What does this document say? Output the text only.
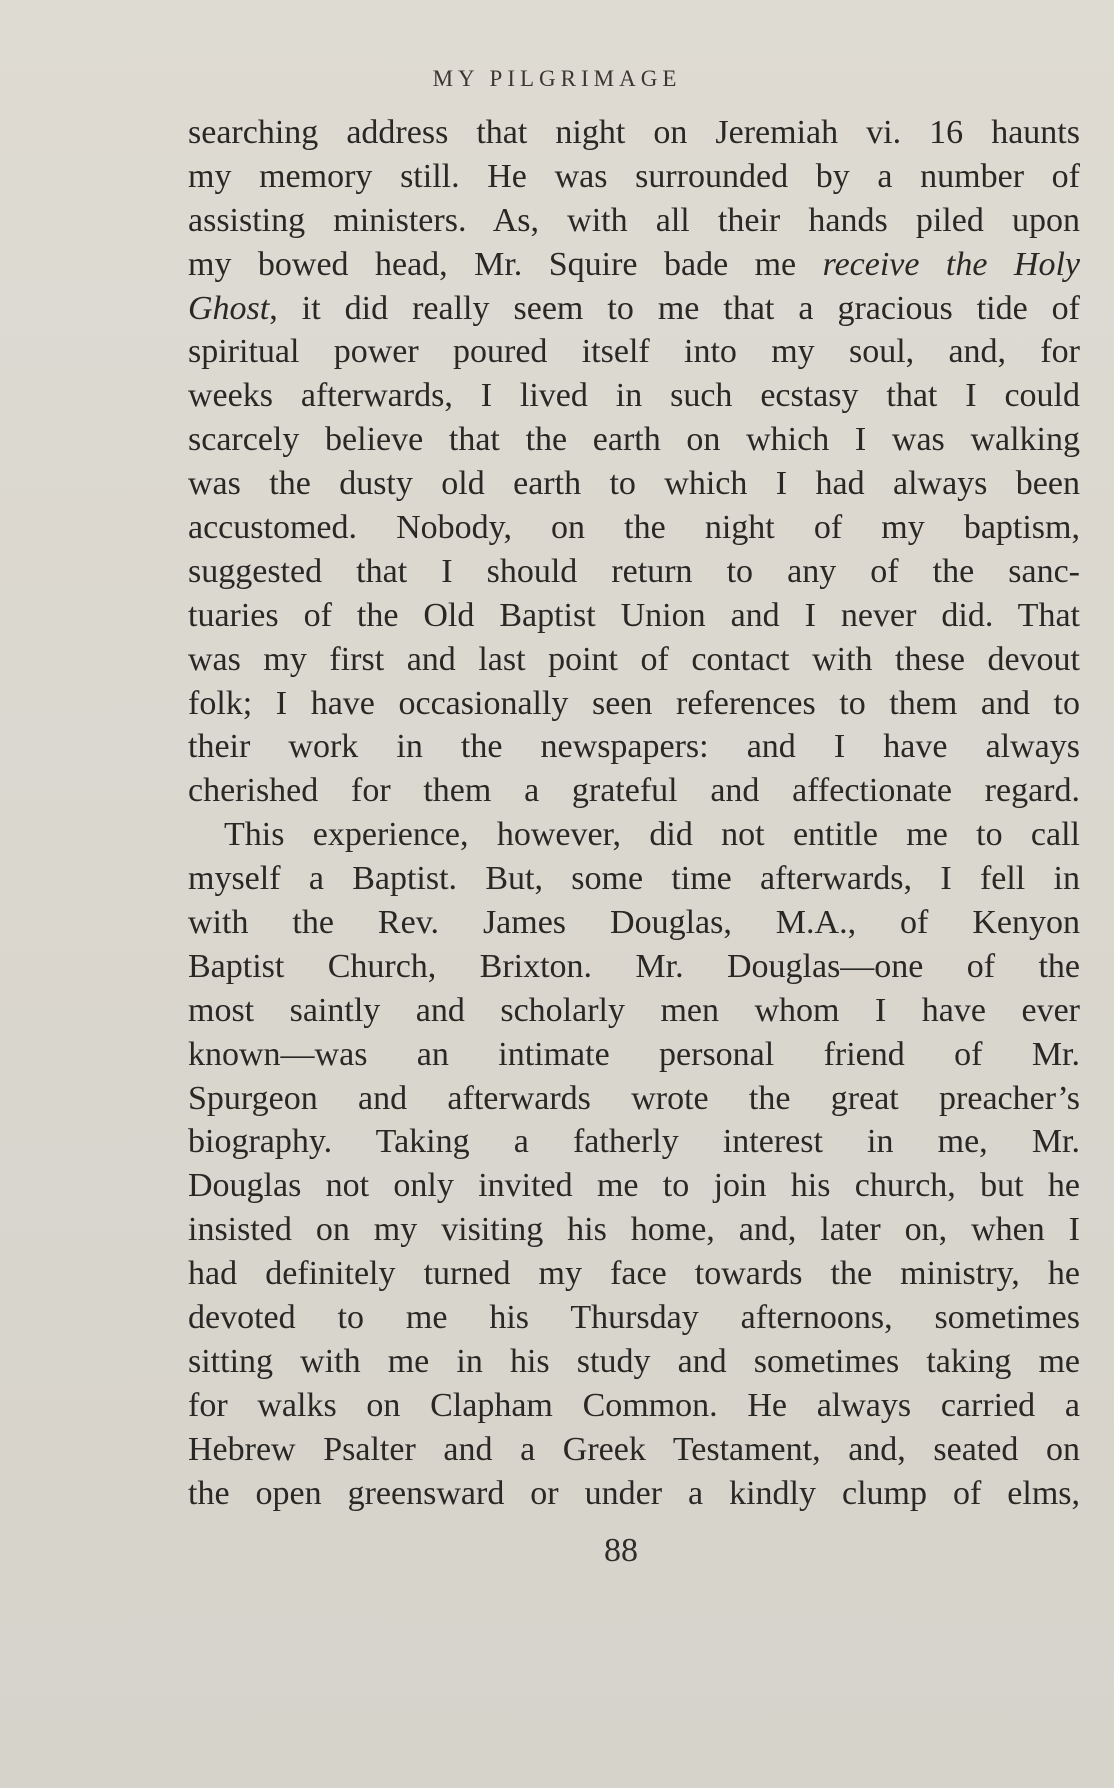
MY PILGRIMAGE
searching address that night on Jeremiah vi. 16 haunts
my memory still. He was surrounded by a number of
assisting ministers. As, with all their hands piled upon
my bowed head, Mr. Squire bade me receive the Holy
Ghost, it did really seem to me that a gracious tide of
spiritual power poured itself into my soul, and, for
weeks afterwards, I lived in such ecstasy that I could
scarcely believe that the earth on which I was walking
was the dusty old earth to which I had always been
accustomed. Nobody, on the night of my baptism,
suggested that I should return to any of the sanc-
tuaries of the Old Baptist Union and I never did. That
was my first and last point of contact with these devout
folk; I have occasionally seen references to them and to
their work in the newspapers: and I have always
cherished for them a grateful and affectionate regard.
This experience, however, did not entitle me to call
myself a Baptist. But, some time afterwards, I fell in
with the Rev. James Douglas, M.A., of Kenyon
Baptist Church, Brixton. Mr. Douglas—one of the
most saintly and scholarly men whom I have ever
known—was an intimate personal friend of Mr.
Spurgeon and afterwards wrote the great preacher’s
biography. Taking a fatherly interest in me, Mr.
Douglas not only invited me to join his church, but he
insisted on my visiting his home, and, later on, when I
had definitely turned my face towards the ministry, he
devoted to me his Thursday afternoons, sometimes
sitting with me in his study and sometimes taking me
for walks on Clapham Common. He always carried a
Hebrew Psalter and a Greek Testament, and, seated on
the open greensward or under a kindly clump of elms,
88
